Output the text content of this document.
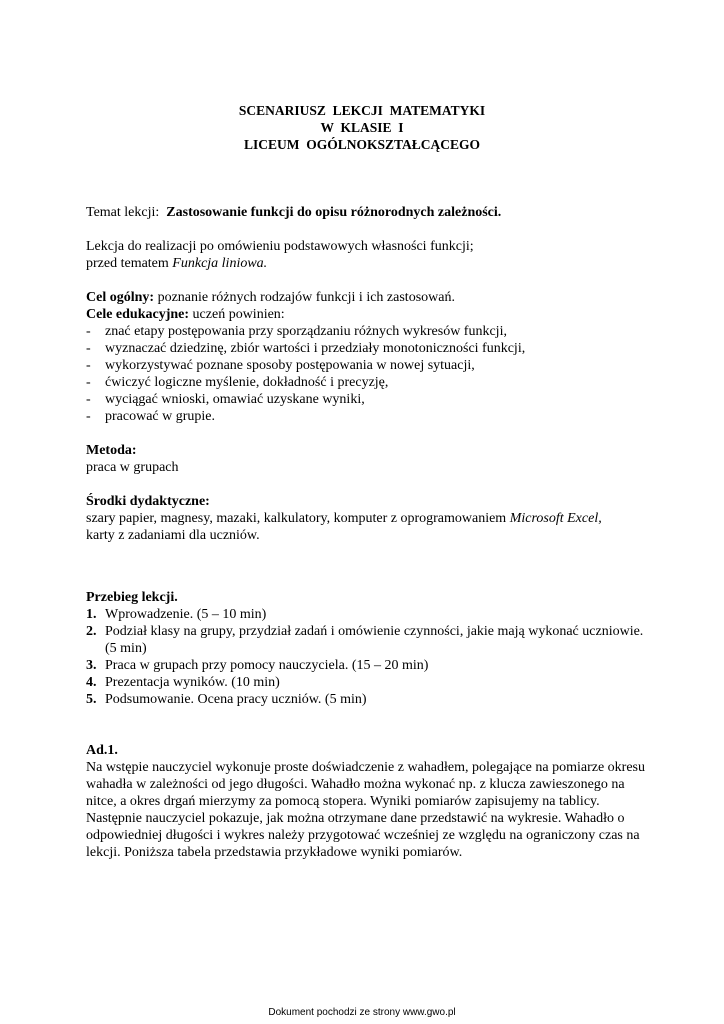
SCENARIUSZ  LEKCJI  MATEMATYKI
W  KLASIE  I
LICEUM  OGÓLNOKSZTAŁCĄCEGO

Temat lekcji: Zastosowanie funkcji do opisu różnorodnych zależności.

Lekcja do realizacji po omówieniu podstawowych własności funkcji;

przed tematem Funkcja liniowa.

Cel ogólny: poznanie różnych rodzajów funkcji i ich zastosowań.

Cele edukacyjne: uczeń powinien:

- znać etapy postępowania przy sporządzaniu różnych wykresów funkcji,
- wyznaczać dziedzinę, zbiór wartości i przedziały monotoniczności funkcji,
- wykorzystywać poznane sposoby postępowania w nowej sytuacji,
- ćwiczyć logiczne myślenie, dokładność i precyzję,
- wyciągać wnioski, omawiać uzyskane wyniki,
- pracować w grupie.

Metoda:

praca w grupach

Środki dydaktyczne:

szary papier, magnesy, mazaki, kalkulatory, komputer z oprogramowaniem Microsoft Excel,

karty z zadaniami dla uczniów.

Przebieg lekcji.

1. Wprowadzenie. (5 – 10 min)
2. Podział klasy na grupy, przydział zadań i omówienie czynności, jakie mają wykonać uczniowie. (5 min)
3. Praca w grupach przy pomocy nauczyciela. (15 – 20 min)
4. Prezentacja wyników. (10 min)
5. Podsumowanie. Ocena pracy uczniów. (5 min)

Ad.1.

Na wstępie nauczyciel wykonuje proste doświadczenie z wahadłem, polegające na pomiarze okresu wahadła w zależności od jego długości. Wahadło można wykonać np. z klucza zawieszonego na nitce, a okres drgań mierzymy za pomocą stopera. Wyniki pomiarów zapisujemy na tablicy.

Następnie nauczyciel pokazuje, jak można otrzymane dane przedstawić na wykresie. Wahadło o odpowiedniej długości i wykres należy przygotować wcześniej ze względu na ograniczony czas na lekcji. Poniższa tabela przedstawia przykładowe wyniki pomiarów.

Dokument pochodzi ze strony www.gwo.pl
